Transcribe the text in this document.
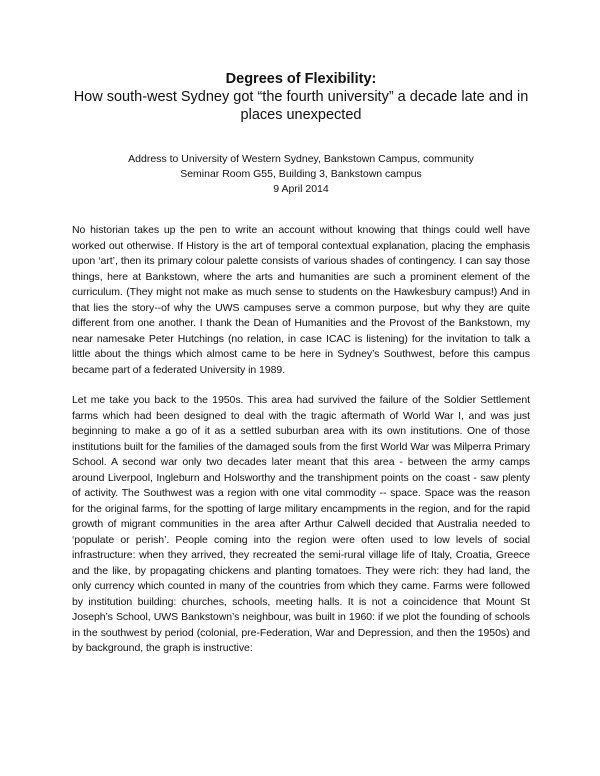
Degrees of Flexibility:
How south-west Sydney got “the fourth university” a decade late and in places unexpected
Address to University of Western Sydney, Bankstown Campus, community
Seminar Room G55, Building 3, Bankstown campus
9 April 2014

No historian takes up the pen to write an account without knowing that things could well have worked out otherwise. If History is the art of temporal contextual explanation, placing the emphasis upon ‘art’, then its primary colour palette consists of various shades of contingency. I can say those things, here at Bankstown, where the arts and humanities are such a prominent element of the curriculum. (They might not make as much sense to students on the Hawkesbury campus!) And in that lies the story--of why the UWS campuses serve a common purpose, but why they are quite different from one another. I thank the Dean of Humanities and the Provost of the Bankstown, my near namesake Peter Hutchings (no relation, in case ICAC is listening) for the invitation to talk a little about the things which almost came to be here in Sydney’s Southwest, before this campus became part of a federated University in 1989.

Let me take you back to the 1950s. This area had survived the failure of the Soldier Settlement farms which had been designed to deal with the tragic aftermath of World War I, and was just beginning to make a go of it as a settled suburban area with its own institutions. One of those institutions built for the families of the damaged souls from the first World War was Milperra Primary School. A second war only two decades later meant that this area - between the army camps around Liverpool, Ingleburn and Holsworthy and the transhipment points on the coast - saw plenty of activity. The Southwest was a region with one vital commodity -- space. Space was the reason for the original farms, for the spotting of large military encampments in the region, and for the rapid growth of migrant communities in the area after Arthur Calwell decided that Australia needed to ‘populate or perish’. People coming into the region were often used to low levels of social infrastructure: when they arrived, they recreated the semi-rural village life of Italy, Croatia, Greece and the like, by propagating chickens and planting tomatoes. They were rich: they had land, the only currency which counted in many of the countries from which they came. Farms were followed by institution building: churches, schools, meeting halls. It is not a coincidence that Mount St Joseph’s School, UWS Bankstown’s neighbour, was built in 1960: if we plot the founding of schools in the southwest by period (colonial, pre-Federation, War and Depression, and then the 1950s) and by background, the graph is instructive:
